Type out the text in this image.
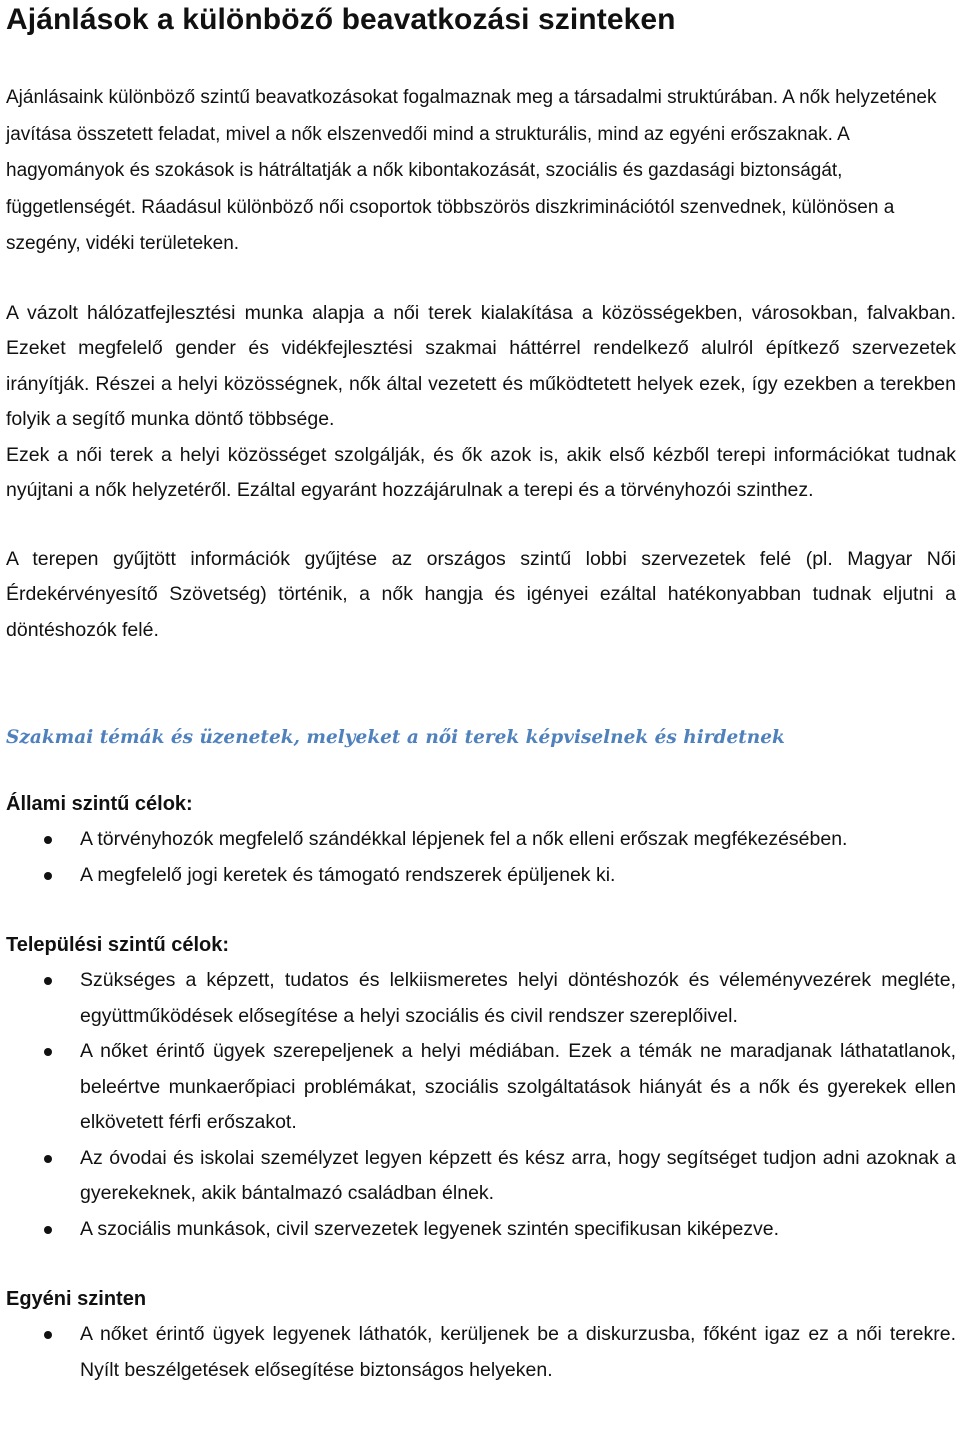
Ajánlások a különböző beavatkozási szinteken

Ajánlásaink különböző szintű beavatkozásokat fogalmaznak meg a társadalmi struktúrában. A nők helyzetének javítása összetett feladat, mivel a nők elszenvedői mind a strukturális, mind az egyéni erőszaknak. A hagyományok és szokások is hátráltatják a nők kibontakozását, szociális és gazdasági biztonságát, függetlenségét. Ráadásul különböző női csoportok többszörös diszkriminációtól szenvednek, különösen a szegény, vidéki területeken.

A vázolt hálózatfejlesztési munka alapja a női terek kialakítása a közösségekben, városokban, falvakban. Ezeket megfelelő gender és vidékfejlesztési szakmai háttérrel rendelkező alulról építkező szervezetek irányítják. Részei a helyi közösségnek, nők által vezetett és működtetett helyek ezek, így ezekben a terekben folyik a segítő munka döntő többsége.

Ezek a női terek a helyi közösséget szolgálják, és ők azok is, akik első kézből terepi információkat tudnak nyújtani a nők helyzetéről. Ezáltal egyaránt hozzájárulnak a terepi és a törvényhozói szinthez.

A terepen gyűjtött információk gyűjtése az országos szintű lobbi szervezetek felé (pl. Magyar Női Érdekérvényesítő Szövetség) történik, a nők hangja és igényei ezáltal hatékonyabban tudnak eljutni a döntéshozók felé.

Szakmai témák és üzenetek, melyeket a női terek képviselnek és hirdetnek
Állami szintű célok:
A törvényhozók megfelelő szándékkal lépjenek fel a nők elleni erőszak megfékezésében.
A megfelelő jogi keretek és támogató rendszerek épüljenek ki.
Települési szintű célok:
Szükséges a képzett, tudatos és lelkiismeretes helyi döntéshozók és véleményvezérek megléte, együttműködések elősegítése a helyi szociális és civil rendszer szereplőivel.
A nőket érintő ügyek szerepeljenek a helyi médiában. Ezek a témák ne maradjanak láthatatlanok, beleértve munkaerőpiaci problémákat, szociális szolgáltatások hiányát és a nők és gyerekek ellen elkövetett férfi erőszakot.
Az óvodai és iskolai személyzet legyen képzett és kész arra, hogy segítséget tudjon adni azoknak a gyerekeknek, akik bántalmazó családban élnek.
A szociális munkások, civil szervezetek legyenek szintén specifikusan kiképezve.
Egyéni szinten
A nőket érintő ügyek legyenek láthatók, kerüljenek be a diskurzusba, főként igaz ez a női terekre. Nyílt beszélgetések elősegítése biztonságos helyeken.
